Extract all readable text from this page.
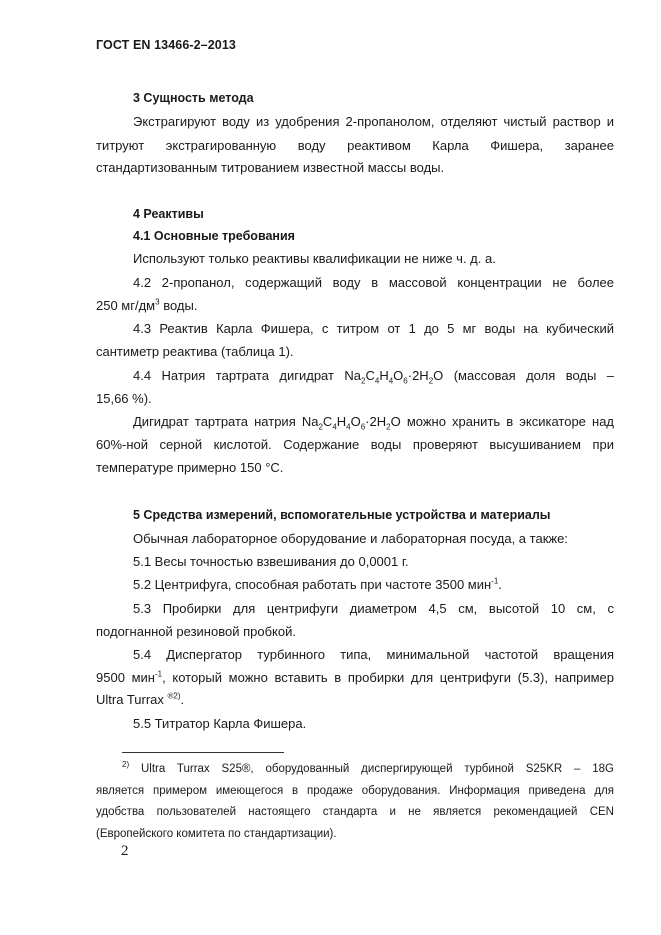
ГОСТ EN 13466-2–2013
3 Сущность метода
Экстрагируют воду из удобрения 2-пропанолом, отделяют чистый раствор и
титруют экстрагированную воду реактивом Карла Фишера, заранее
стандартизованным титрованием известной массы воды.
4 Реактивы
4.1 Основные требования
Используют только реактивы квалификации не ниже ч. д. а.
4.2 2-пропанол, содержащий воду в массовой концентрации не более
250 $мг/дм^3$ воды.
4.3 Реактив Карла Фишера, с титром от 1 до 5 мг воды на кубический
сантиметр реактива (таблица 1).
4.4 Натрия тартрата дигидрат $Na_2C_4H_4O_6\cdot 2H_2O$ (массовая доля воды –
15,66 %).
Дигидрат тартрата натрия $Na_2C_4H_4O_6\cdot 2H_2O$ можно хранить в эксикаторе над
60%-ной серной кислотой. Содержание воды проверяют высушиванием при
температуре примерно 150 °С.
5 Средства измерений, вспомогательные устройства и материалы
Обычная лабораторное оборудование и лабораторная посуда, а также:
5.1 Весы точностью взвешивания до 0,0001 г.
5.2 Центрифуга, способная работать при частоте 3500 мин$^{-1}$.
5.3 Пробирки для центрифуги диаметром 4,5 см, высотой 10 см, с
подогнанной резиновой пробкой.
5.4 Диспергатор турбинного типа, минимальной частотой вращения
9500 мин$^{-1}$, который можно вставить в пробирки для центрифуги (5.3), например
Ultra Turrax $^{®2)}$.
5.5 Титратор Карла Фишера.
$^{2)}$ Ultra Turrax S25®, оборудованный диспергирующей турбиной S25KR – 18G
является примером имеющегося в продаже оборудования. Информация приведена для
удобства пользователей настоящего стандарта и не является рекомендацией CEN
(Европейского комитета по стандартизации).
2
